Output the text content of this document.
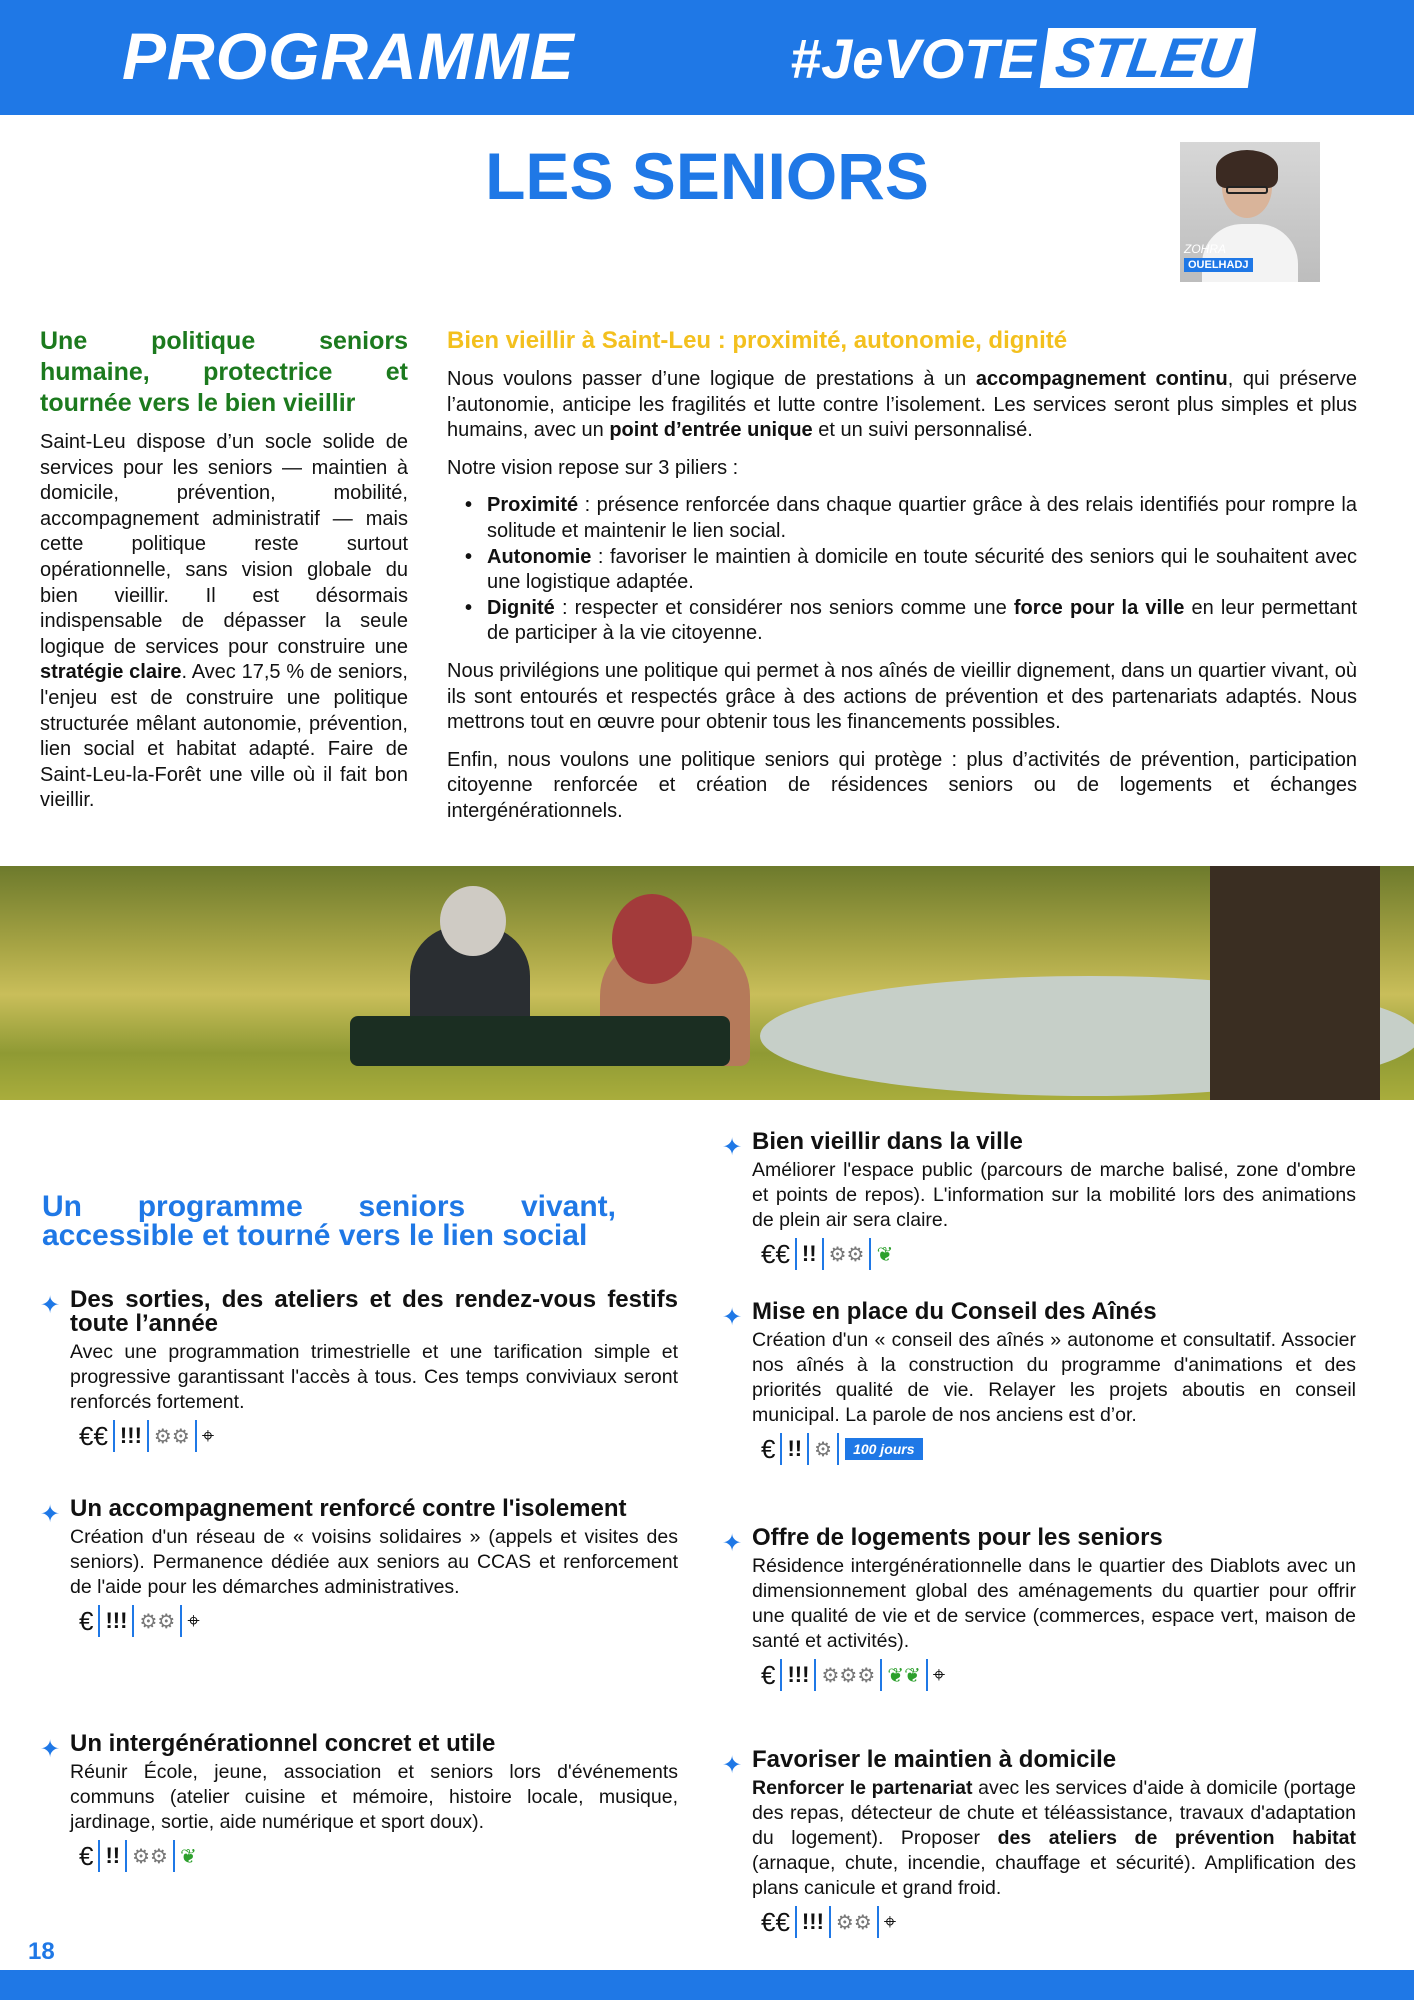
PROGRAMME	#JeVOTE STLEU
LES SENIORS
ZOHRA
OUELHADJ
LE CONSTAT
Une politique seniors humaine, protectrice et tournée vers le bien vieillir
Saint-Leu dispose d’un socle solide de services pour les seniors — maintien à domicile, prévention, mobilité, accompagnement administratif — mais cette politique reste surtout opérationnelle, sans vision globale du bien vieillir. Il est désormais indispensable de dépasser la seule logique de services pour construire une stratégie claire. Avec 17,5 % de seniors, l'enjeu est de construire une politique structurée mêlant autonomie, prévention, lien social et habitat adapté. Faire de Saint-Leu-la-Forêt une ville où il fait bon vieillir.
L’ENGAGEMENT
Bien vieillir à Saint-Leu : proximité, autonomie, dignité

Nous voulons passer d’une logique de prestations à un accompagnement continu, qui préserve l’autonomie, anticipe les fragilités et lutte contre l’isolement. Les services seront plus simples et plus humains, avec un point d’entrée unique et un suivi personnalisé.

Notre vision repose sur 3 piliers :

• Proximité : présence renforcée dans chaque quartier grâce à des relais identifiés pour rompre la solitude et maintenir le lien social.
• Autonomie : favoriser le maintien à domicile en toute sécurité des seniors qui le souhaitent avec une logistique adaptée.
• Dignité : respecter et considérer nos seniors comme une force pour la ville en leur permettant de participer à la vie citoyenne.

Nous privilégions une politique qui permet à nos aînés de vieillir dignement, dans un quartier vivant, où ils sont entourés et respectés grâce à des actions de prévention et des partenariats adaptés. Nous mettrons tout en œuvre pour obtenir tous les financements possibles.

Enfin, nous voulons une politique seniors qui protège : plus d’activités de prévention, participation citoyenne renforcée et création de résidences seniors ou de logements et échanges intergénérationnels.

NOS ACTIONS
Un programme seniors vivant, accessible et tourné vers le lien social
✦ Des sorties, des ateliers et des rendez-vous festifs toute l’année
Avec une programmation trimestrielle et une tarification simple et progressive garantissant l'accès à tous. Ces temps conviviaux seront renforcés fortement.
€€ !!! ⚙⚙ ⌖
✦ Un accompagnement renforcé contre l'isolement
Création d'un réseau de « voisins solidaires » (appels et visites des seniors). Permanence dédiée aux seniors au CCAS et renforcement de l'aide pour les démarches administratives.
€ !!! ⚙⚙ ⌖
✦ Un intergénérationnel concret et utile
Réunir École, jeune, association et seniors lors d'événements communs (atelier cuisine et mémoire, histoire locale, musique, jardinage, sortie, aide numérique et sport doux).
€ !! ⚙⚙ ❦
✦ Bien vieillir dans la ville
Améliorer l'espace public (parcours de marche balisé, zone d'ombre et points de repos). L'information sur la mobilité lors des animations de plein air sera claire.
€€ !! ⚙⚙ ❦
✦ Mise en place du Conseil des Aînés
Création d'un « conseil des aînés » autonome et consultatif. Associer nos aînés à la construction du programme d'animations et des priorités qualité de vie. Relayer les projets aboutis en conseil municipal. La parole de nos anciens est d’or.
€ !! ⚙	100 jours
✦ Offre de logements pour les seniors
Résidence intergénérationnelle dans le quartier des Diablots avec un dimensionnement global des aménagements du quartier pour offrir une qualité de vie et de service (commerces, espace vert, maison de santé et activités).
€ !!! ⚙⚙⚙ ❦❦ ⌖
✦ Favoriser le maintien à domicile
Renforcer le partenariat avec les services d'aide à domicile (portage des repas, détecteur de chute et téléassistance, travaux d'adaptation du logement). Proposer des ateliers de prévention habitat (arnaque, chute, incendie, chauffage et sécurité). Amplification des plans canicule et grand froid.
€€ !!! ⚙⚙ ⌖
18
